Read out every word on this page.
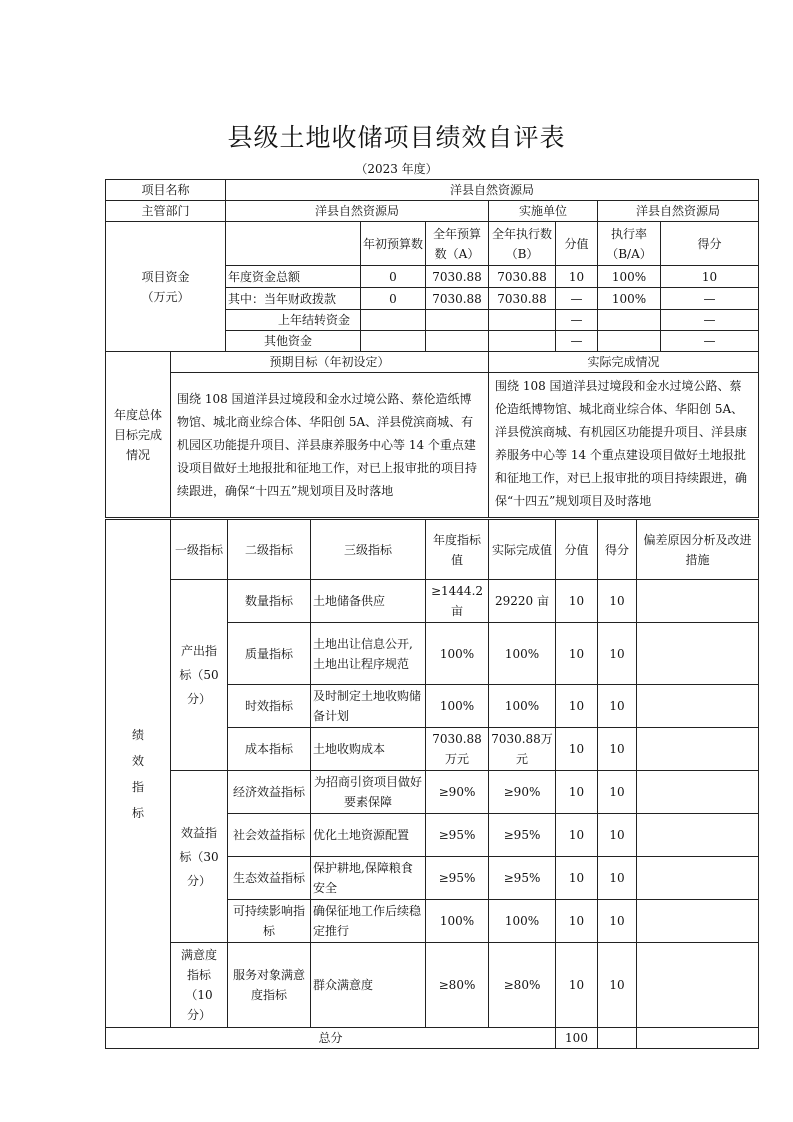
县级土地收储项目绩效自评表
（2023 年度）
项目名称	洋县自然资源局						
主管部门	洋县自然资源局			实施单位		洋县自然资源局	

项目资金
（万元）		年初预算数	全年预算数（A）	全年执行数（B）	分值	执行率（B/A）	得分
	年度资金总额	0	7030.88	7030.88	10	100%	10
	其中：当年财政拨款	0	7030.88	7030.88	—	100%	—
	上年结转资金				—		—
	其他资金				—		—
年度总体目标完成情况	预期目标（年初设定）	实际完成情况
	围绕 108 国道洋县过境段和金水过境公路、蔡伦造纸博物馆、城北商业综合体、华阳创 5A、洋县傥滨商城、有机园区功能提升项目、洋县康养服务中心等 14 个重点建设项目做好土地报批和征地工作，对已上报审批的项目持续跟进，确保“十四五”规划项目及时落地	围绕 108 国道洋县过境段和金水过境公路、蔡伦造纸博物馆、城北商业综合体、华阳创 5A、洋县傥滨商城、有机园区功能提升项目、洋县康养服务中心等 14 个重点建设项目做好土地报批和征地工作，对已上报审批的项目持续跟进，确保“十四五”规划项目及时落地
绩效指标	一级指标	二级指标	三级指标	年度指标值	实际完成值	分值	得分	偏差原因分析及改进措施
	产出指标（50分）	数量指标	土地储备供应	≥1444.2亩	29220 亩	10	10	
		质量指标	土地出让信息公开,土地出让程序规范	100%	100%	10	10	
		时效指标	及时制定土地收购储备计划	100%	100%	10	10	
		成本指标	土地收购成本	7030.88万元	7030.88万元	10	10	
	效益指标（30分）	经济效益指标	为招商引资项目做好要素保障	≥90%	≥90%	10	10	
		社会效益指标	优化土地资源配置	≥95%	≥95%	10	10	
		生态效益指标	保护耕地,保障粮食安全	≥95%	≥95%	10	10	
		可持续影响指标	确保征地工作后续稳定推行	100%	100%	10	10	
	满意度指标（10分）	服务对象满意度指标	群众满意度	≥80%	≥80%	10	10	
总分	100		
